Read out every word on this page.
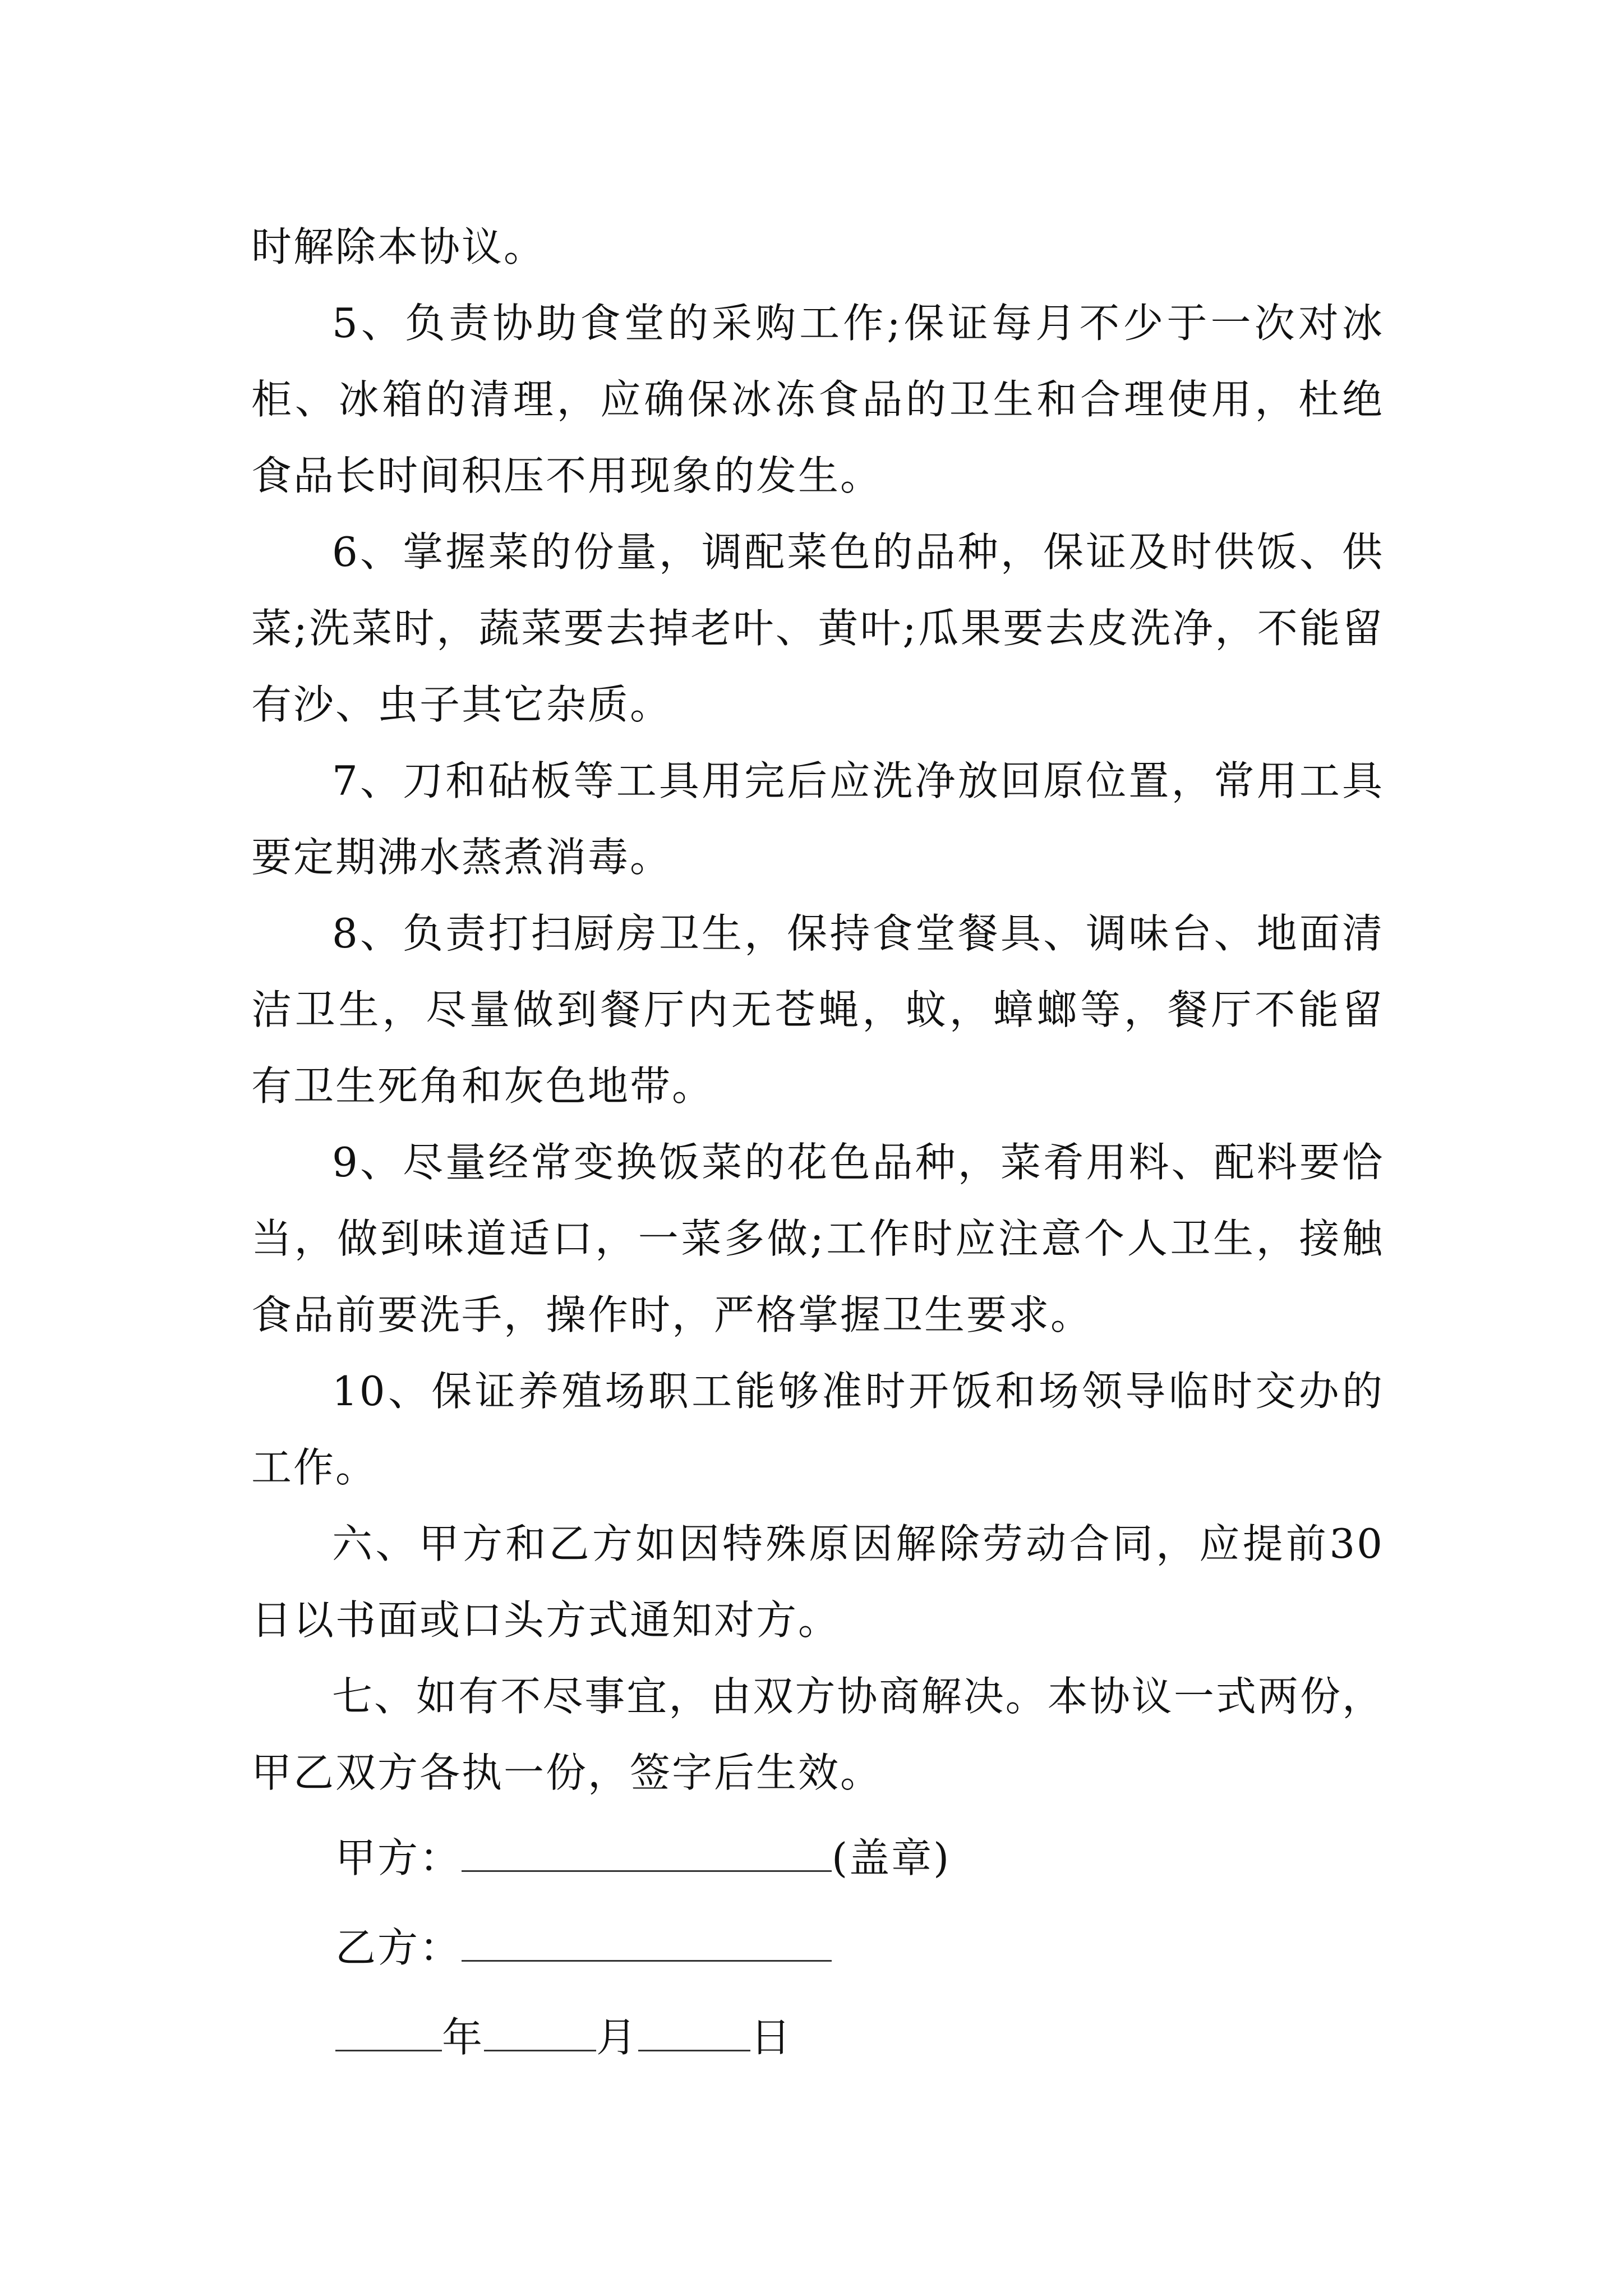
时解除本协议。

5、负责协助食堂的采购工作;保证每月不少于一次对冰柜、冰箱的清理，应确保冰冻食品的卫生和合理使用，杜绝食品长时间积压不用现象的发生。

6、掌握菜的份量，调配菜色的品种，保证及时供饭、供菜;洗菜时，蔬菜要去掉老叶、黄叶;瓜果要去皮洗净，不能留有沙、虫子其它杂质。

7、刀和砧板等工具用完后应洗净放回原位置，常用工具要定期沸水蒸煮消毒。

8、负责打扫厨房卫生，保持食堂餐具、调味台、地面清洁卫生，尽量做到餐厅内无苍蝇，蚊，蟑螂等，餐厅不能留有卫生死角和灰色地带。

9、尽量经常变换饭菜的花色品种，菜肴用料、配料要恰当，做到味道适口，一菜多做;工作时应注意个人卫生，接触食品前要洗手，操作时，严格掌握卫生要求。

10、保证养殖场职工能够准时开饭和场领导临时交办的工作。

六、甲方和乙方如因特殊原因解除劳动合同，应提前30日以书面或口头方式通知对方。

七、如有不尽事宜，由双方协商解决。本协议一式两份，甲乙双方各执一份，签字后生效。

甲方：	(盖章)

乙方：

年	月	日
